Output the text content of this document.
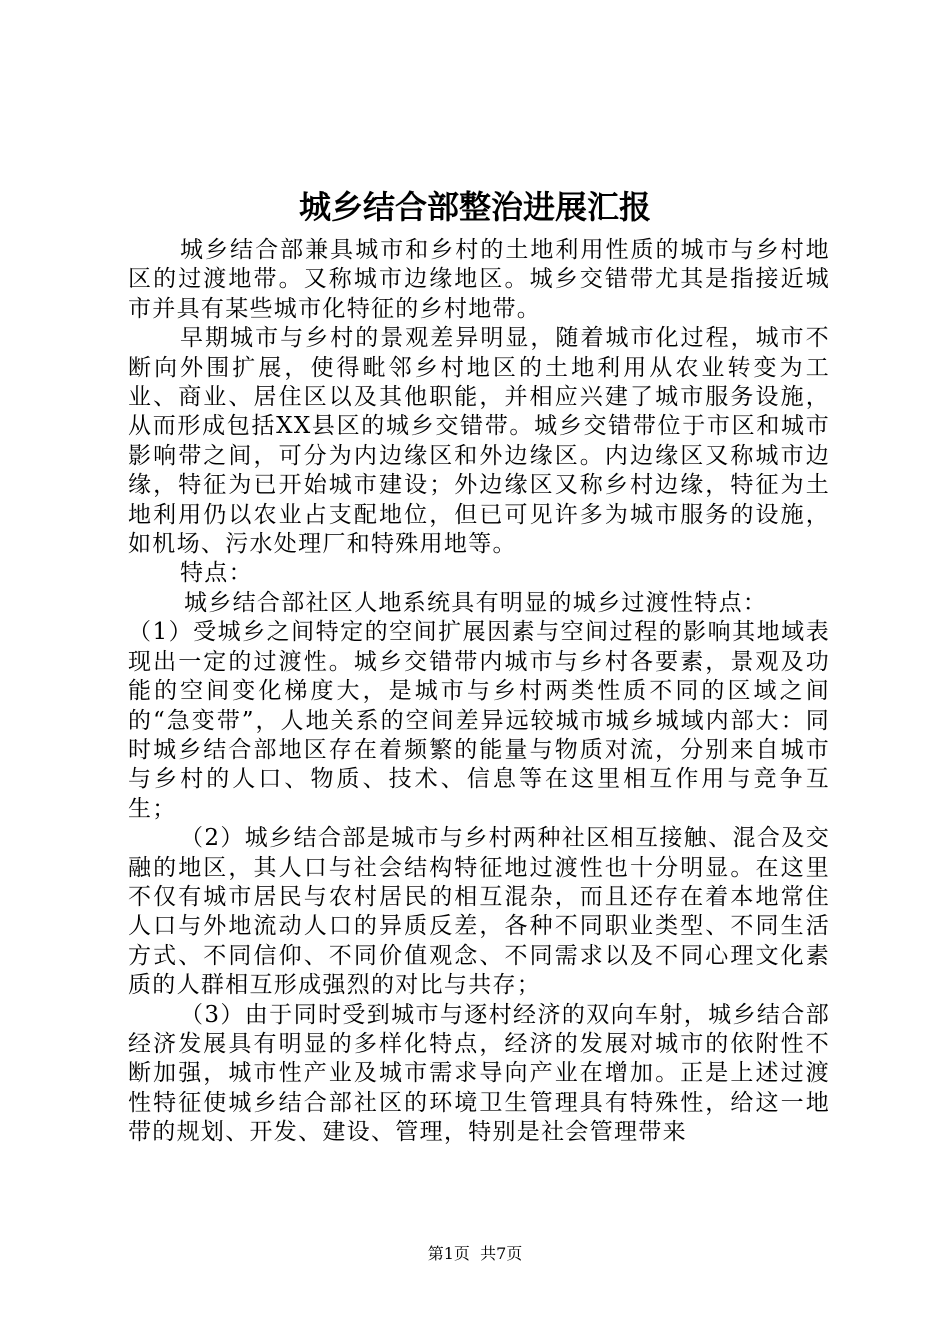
城乡结合部整治进展汇报

城乡结合部兼具城市和乡村的土地利用性质的城市与乡村地区的过渡地带。又称城市边缘地区。城乡交错带尤其是指接近城市并具有某些城市化特征的乡村地带。

早期城市与乡村的景观差异明显，随着城市化过程，城市不断向外围扩展，使得毗邻乡村地区的土地利用从农业转变为工业、商业、居住区以及其他职能，并相应兴建了城市服务设施，从而形成包括XX县区的城乡交错带。城乡交错带位于市区和城市影响带之间，可分为内边缘区和外边缘区。内边缘区又称城市边缘，特征为已开始城市建设；外边缘区又称乡村边缘，特征为土地利用仍以农业占支配地位，但已可见许多为城市服务的设施，如机场、污水处理厂和特殊用地等。

特点：

城乡结合部社区人地系统具有明显的城乡过渡性特点：

（1）受城乡之间特定的空间扩展因素与空间过程的影响其地域表现出一定的过渡性。城乡交错带内城市与乡村各要素，景观及功能的空间变化梯度大，是城市与乡村两类性质不同的区域之间的“急变带”，人地关系的空间差异远较城市城乡城域内部大：同时城乡结合部地区存在着频繁的能量与物质对流，分别来自城市与乡村的人口、物质、技术、信息等在这里相互作用与竞争互生；

（2）城乡结合部是城市与乡村两种社区相互接触、混合及交融的地区，其人口与社会结构特征地过渡性也十分明显。在这里不仅有城市居民与农村居民的相互混杂，而且还存在着本地常住人口与外地流动人口的异质反差，各种不同职业类型、不同生活方式、不同信仰、不同价值观念、不同需求以及不同心理文化素质的人群相互形成强烈的对比与共存；

（3）由于同时受到城市与逐村经济的双向车射，城乡结合部经济发展具有明显的多样化特点，经济的发展对城市的依附性不断加强，城市性产业及城市需求导向产业在增加。正是上述过渡性特征使城乡结合部社区的环境卫生管理具有特殊性，给这一地带的规划、开发、建设、管理，特别是社会管理带来

第1页  共7页
